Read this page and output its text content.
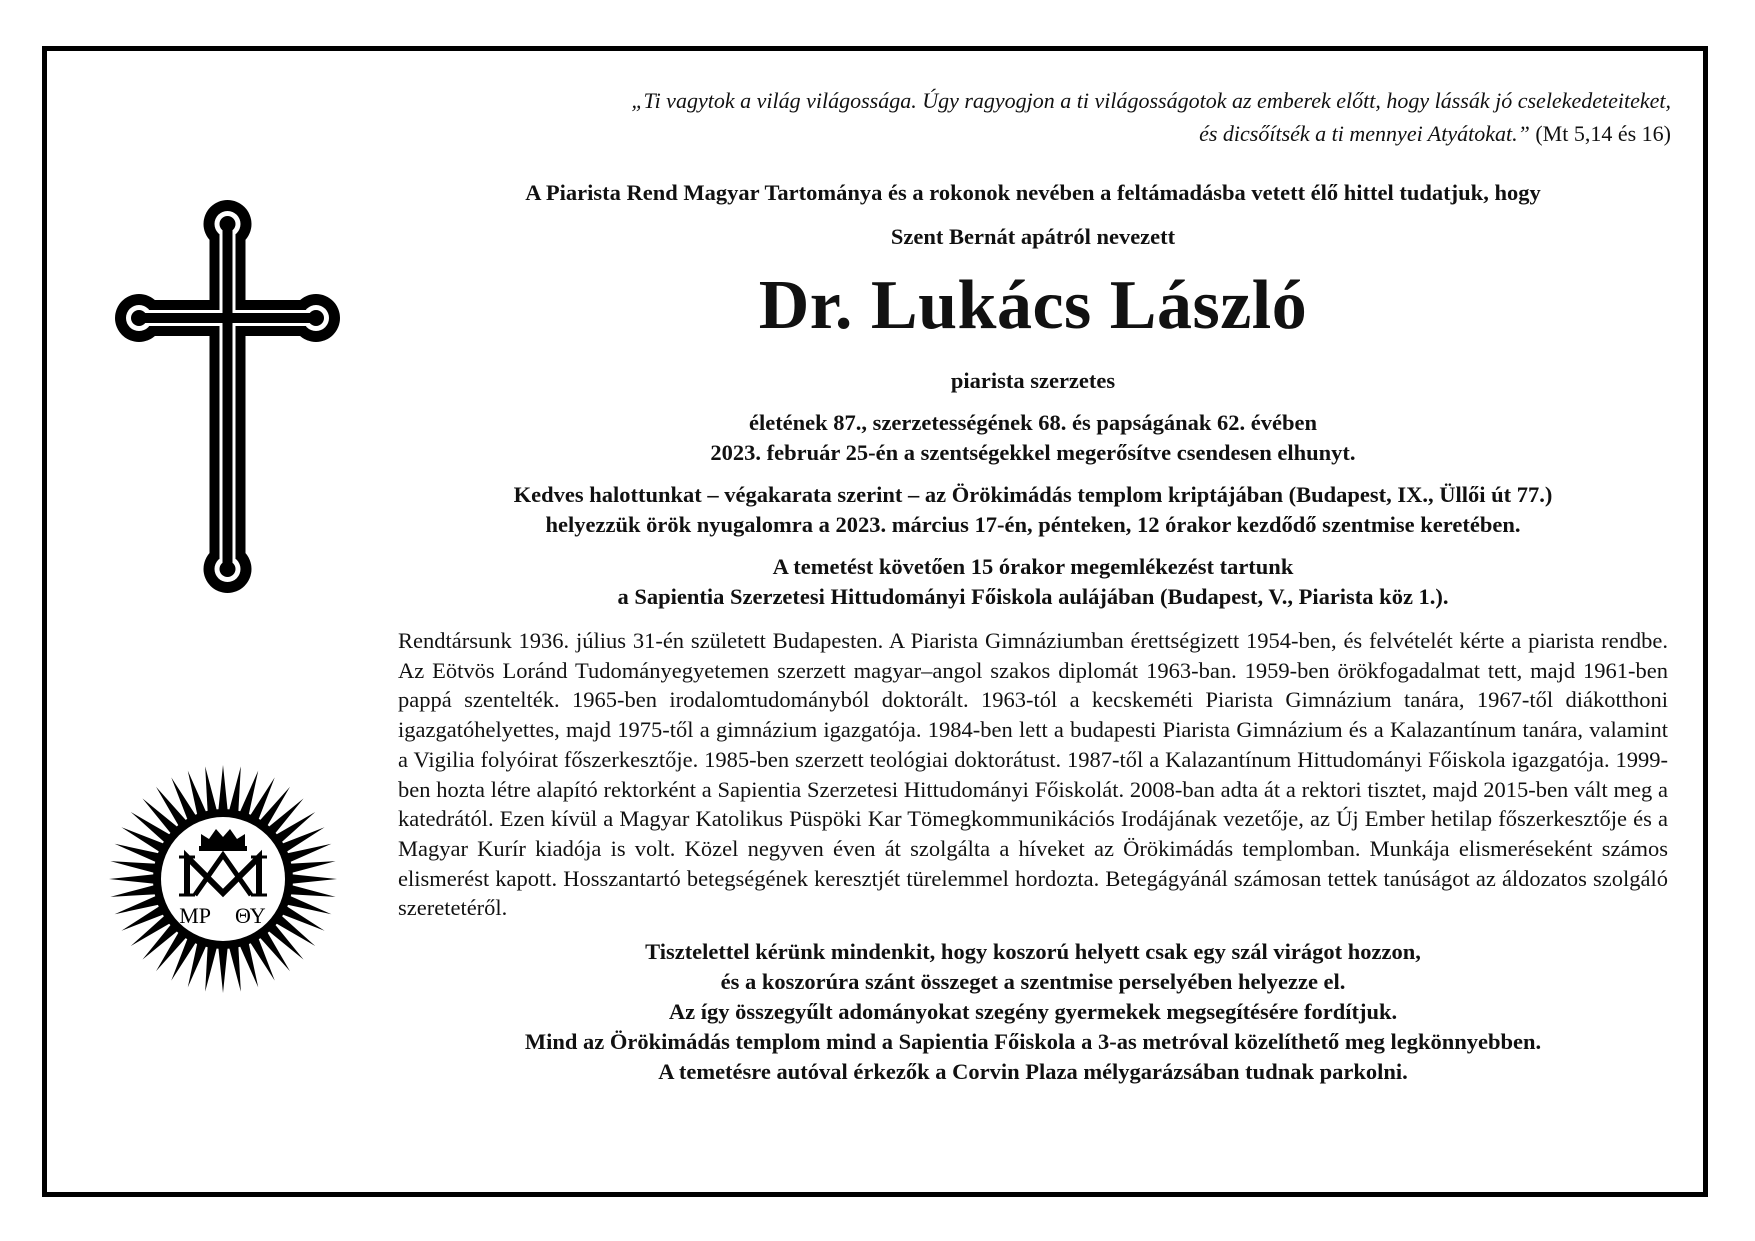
ΜΡ ΘΥ
„Ti vagytok a világ világossága. Úgy ragyogjon a ti világosságotok az emberek előtt, hogy lássák jó cselekedeteiteket,
és dicsőítsék a ti mennyei Atyátokat.” (Mt 5,14 és 16)

A Piarista Rend Magyar Tartománya és a rokonok nevében a feltámadásba vetett élő hittel tudatjuk, hogy

Szent Bernát apátról nevezett

Dr. Lukács László

piarista szerzetes

életének 87., szerzetességének 68. és papságának 62. évében

2023. február 25-én a szentségekkel megerősítve csendesen elhunyt.

Kedves halottunkat – végakarata szerint – az Örökimádás templom kriptájában (Budapest, IX., Üllői út 77.)

helyezzük örök nyugalomra a 2023. március 17-én, pénteken, 12 órakor kezdődő szentmise keretében.

A temetést követően 15 órakor megemlékezést tartunk

a Sapientia Szerzetesi Hittudományi Főiskola aulájában (Budapest, V., Piarista köz 1.).

Rendtársunk 1936. július 31-én született Budapesten. A Piarista Gimnáziumban érettségizett 1954-ben, és felvételét kérte a piarista rendbe. Az Eötvös Loránd Tudományegyetemen szerzett magyar–angol szakos diplomát 1963-ban. 1959-ben örökfogadalmat tett, majd 1961-ben pappá szentelték. 1965-ben irodalomtudományból doktorált. 1963-tól a kecskeméti Piarista Gimnázium tanára, 1967-től diákotthoni igazgatóhelyettes, majd 1975-től a gimnázium igazgatója. 1984-ben lett a budapesti Piarista Gimnázium és a Kalazantínum tanára, valamint a Vigilia folyóirat főszerkesztője. 1985-ben szerzett teológiai doktorátust. 1987-től a Kalazantínum Hittudományi Főiskola igazgatója. 1999-ben hozta létre alapító rektorként a Sapientia Szerzetesi Hittudományi Főiskolát. 2008-ban adta át a rektori tisztet, majd 2015-ben vált meg a katedrától. Ezen kívül a Magyar Katolikus Püspöki Kar Tömegkommunikációs Irodájának vezetője, az Új Ember hetilap főszerkesztője és a Magyar Kurír kiadója is volt. Közel negyven éven át szolgálta a híveket az Örökimádás templomban. Munkája elismeréseként számos elismerést kapott. Hosszantartó betegségének keresztjét türelemmel hordozta. Betegágyánál számosan tettek tanúságot az áldozatos szolgáló szeretetéről.

Tisztelettel kérünk mindenkit, hogy koszorú helyett csak egy szál virágot hozzon,

és a koszorúra szánt összeget a szentmise perselyében helyezze el.

Az így összegyűlt adományokat szegény gyermekek megsegítésére fordítjuk.

Mind az Örökimádás templom mind a Sapientia Főiskola a 3-as metróval közelíthető meg legkönnyebben.

A temetésre autóval érkezők a Corvin Plaza mélygarázsában tudnak parkolni.
